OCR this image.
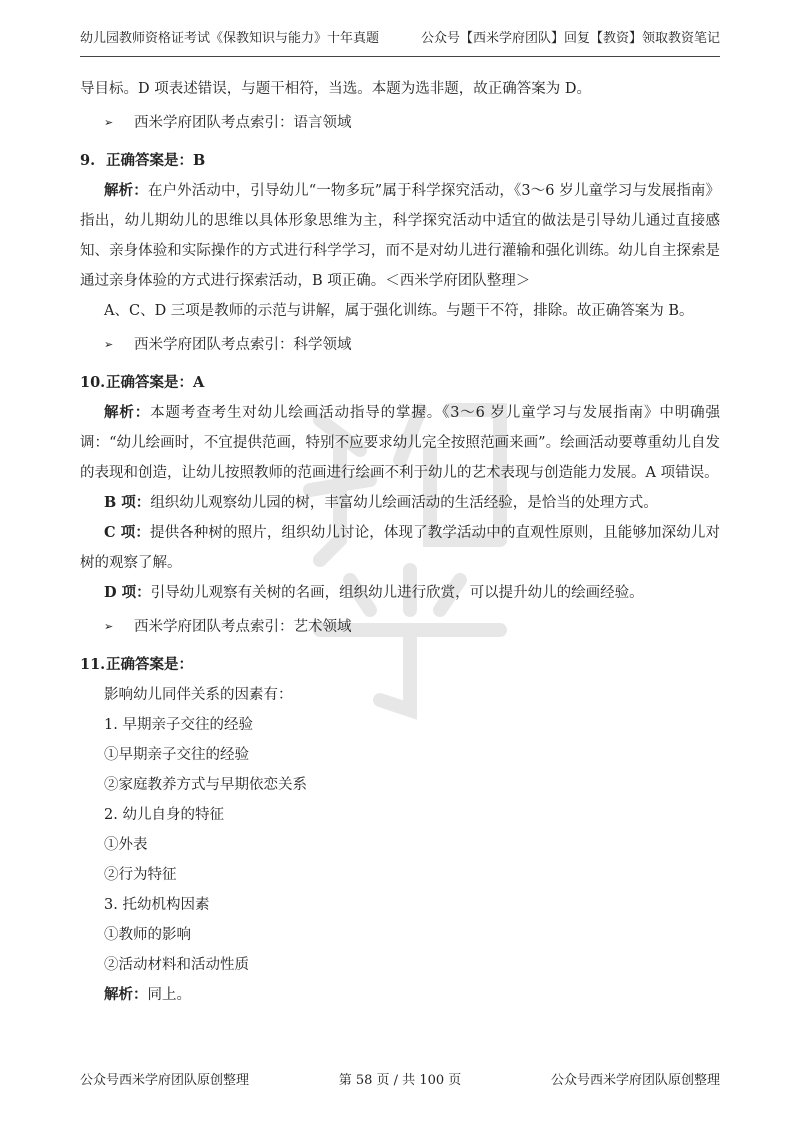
幼儿园教师资格证考试《保教知识与能力》十年真题	公众号【西米学府团队】回复【教资】领取教资笔记

导目标。D 项表述错误，与题干相符，当选。本题为选非题，故正确答案为 D。

➢	西米学府团队考点索引：语言领域
9. 正确答案是：B

解析：在户外活动中，引导幼儿“一物多玩”属于科学探究活动，《3～6 岁儿童学习与发展指南》指出，幼儿期幼儿的思维以具体形象思维为主，科学探究活动中适宜的做法是引导幼儿通过直接感知、亲身体验和实际操作的方式进行科学学习，而不是对幼儿进行灌输和强化训练。幼儿自主探索是通过亲身体验的方式进行探索活动，B 项正确。＜西米学府团队整理＞

A、C、D 三项是教师的示范与讲解，属于强化训练。与题干不符，排除。故正确答案为 B。

➢	西米学府团队考点索引：科学领域
10. 正确答案是：A

解析：本题考查考生对幼儿绘画活动指导的掌握。《3～6 岁儿童学习与发展指南》中明确强调：“幼儿绘画时，不宜提供范画，特别不应要求幼儿完全按照范画来画”。绘画活动要尊重幼儿自发的表现和创造，让幼儿按照教师的范画进行绘画不利于幼儿的艺术表现与创造能力发展。A 项错误。

B 项：组织幼儿观察幼儿园的树，丰富幼儿绘画活动的生活经验，是恰当的处理方式。

C 项：提供各种树的照片，组织幼儿讨论，体现了教学活动中的直观性原则，且能够加深幼儿对树的观察了解。

D 项：引导幼儿观察有关树的名画，组织幼儿进行欣赏，可以提升幼儿的绘画经验。

➢	西米学府团队考点索引：艺术领域
11. 正确答案是：

影响幼儿同伴关系的因素有：

1. 早期亲子交往的经验

①早期亲子交往的经验

②家庭教养方式与早期依恋关系

2. 幼儿自身的特征

①外表

②行为特征

3. 托幼机构因素

①教师的影响

②活动材料和活动性质

解析：同上。

公众号西米学府团队原创整理	第 58 页 / 共 100 页	公众号西米学府团队原创整理
